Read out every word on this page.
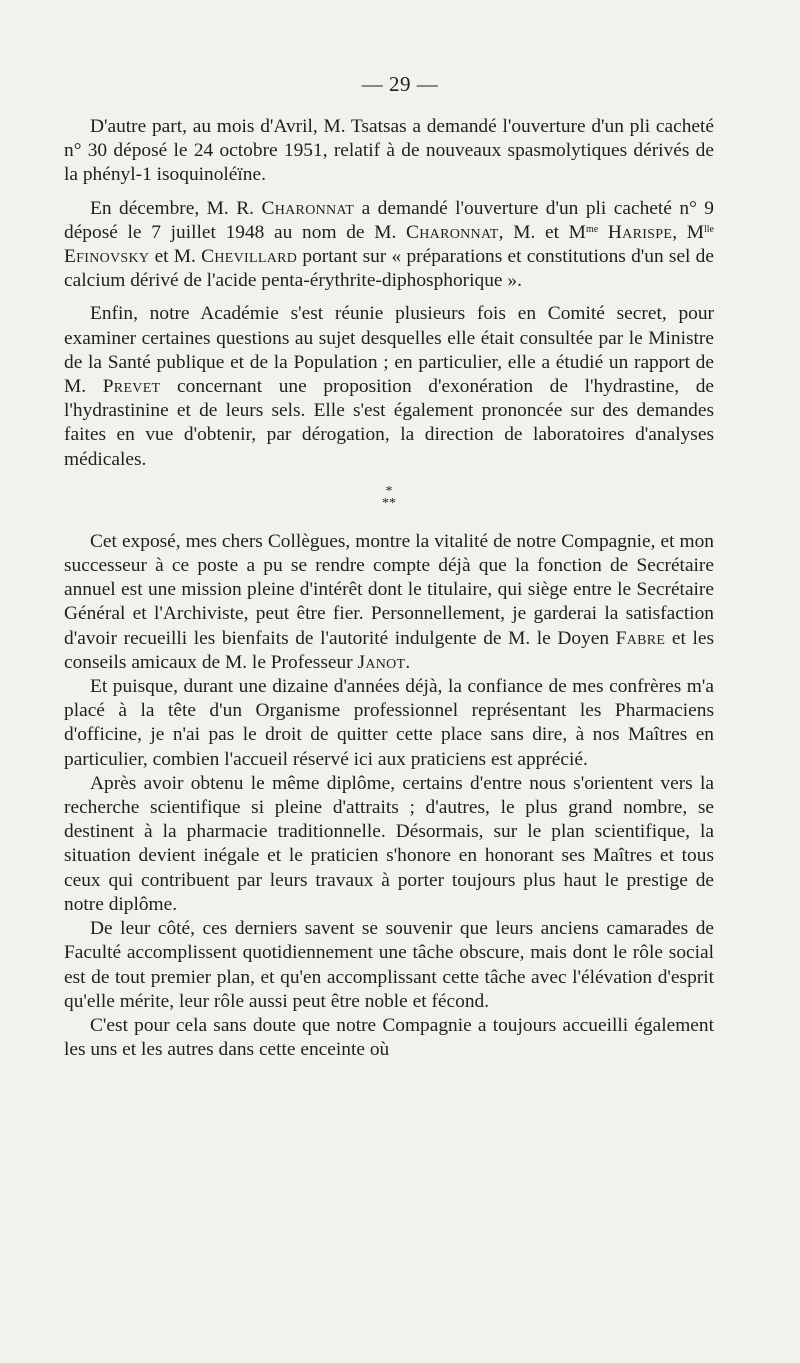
— 29 —

D'autre part, au mois d'Avril, M. Tsatsas a demandé l'ouverture d'un pli cacheté n° 30 déposé le 24 octobre 1951, relatif à de nouveaux spasmolytiques dérivés de la phényl-1 isoquinoléïne.

En décembre, M. R. Charonnat a demandé l'ouverture d'un pli cacheté n° 9 déposé le 7 juillet 1948 au nom de M. Charonnat, M. et $M^{me}$ Harispe, $M^{lle}$ Efinovsky et M. Chevillard portant sur « préparations et constitutions d'un sel de calcium dérivé de l'acide penta-érythrite-diphosphorique ».

Enfin, notre Académie s'est réunie plusieurs fois en Comité secret, pour examiner certaines questions au sujet desquelles elle était consultée par le Ministre de la Santé publique et de la Population ; en particulier, elle a étudié un rapport de M. Prevet concernant une proposition d'exonération de l'hydrastine, de l'hydrastinine et de leurs sels. Elle s'est également prononcée sur des demandes faites en vue d'obtenir, par dérogation, la direction de laboratoires d'analyses médicales.

*
**

Cet exposé, mes chers Collègues, montre la vitalité de notre Compagnie, et mon successeur à ce poste a pu se rendre compte déjà que la fonction de Secrétaire annuel est une mission pleine d'intérêt dont le titulaire, qui siège entre le Secrétaire Général et l'Archiviste, peut être fier. Personnellement, je garderai la satisfaction d'avoir recueilli les bienfaits de l'autorité indulgente de M. le Doyen Fabre et les conseils amicaux de M. le Professeur Janot.

Et puisque, durant une dizaine d'années déjà, la confiance de mes confrères m'a placé à la tête d'un Organisme professionnel représentant les Pharmaciens d'officine, je n'ai pas le droit de quitter cette place sans dire, à nos Maîtres en particulier, combien l'accueil réservé ici aux praticiens est apprécié.

Après avoir obtenu le même diplôme, certains d'entre nous s'orientent vers la recherche scientifique si pleine d'attraits ; d'autres, le plus grand nombre, se destinent à la pharmacie traditionnelle. Désormais, sur le plan scientifique, la situation devient inégale et le praticien s'honore en honorant ses Maîtres et tous ceux qui contribuent par leurs travaux à porter toujours plus haut le prestige de notre diplôme.

De leur côté, ces derniers savent se souvenir que leurs anciens camarades de Faculté accomplissent quotidiennement une tâche obscure, mais dont le rôle social est de tout premier plan, et qu'en accomplissant cette tâche avec l'élévation d'esprit qu'elle mérite, leur rôle aussi peut être noble et fécond.

C'est pour cela sans doute que notre Compagnie a toujours accueilli également les uns et les autres dans cette enceinte où
